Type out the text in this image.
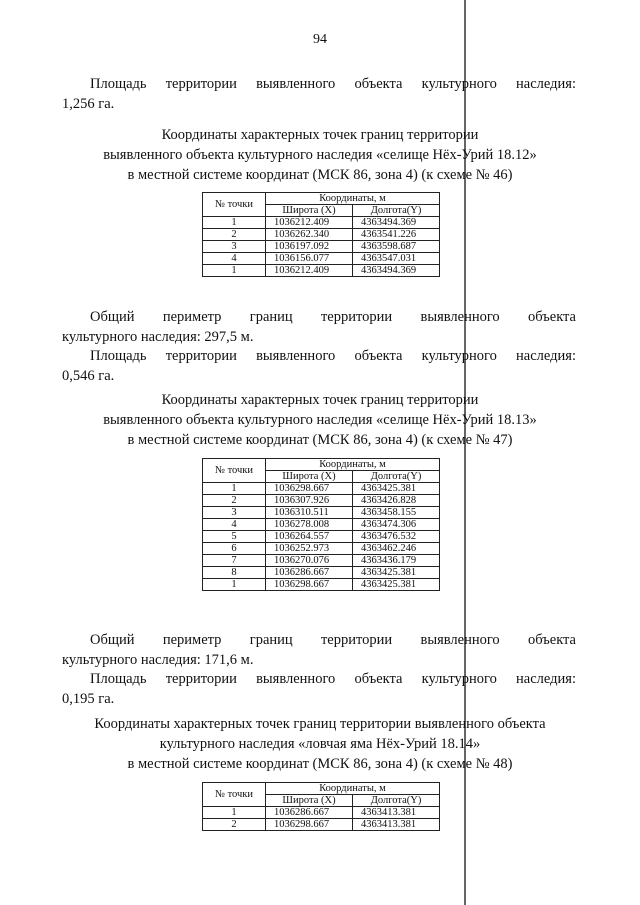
94
Площадь территории выявленного объекта культурного наследия:
1,256 га.
Координаты характерных точек границ территории
выявленного объекта культурного наследия «селище Нёх-Урий 18.12»
в местной системе координат (МСК 86, зона 4) (к схеме № 46)
№ точки	Координаты, м	
	Широта (X)	Долгота(Y)
1	1036212.409	4363494.369
2	1036262.340	4363541.226
3	1036197.092	4363598.687
4	1036156.077	4363547.031
1	1036212.409	4363494.369
Общий периметр границ территории выявленного объекта
культурного наследия: 297,5 м.
Площадь территории выявленного объекта культурного наследия:
0,546 га.
Координаты характерных точек границ территории
выявленного объекта культурного наследия «селище Нёх-Урий 18.13»
в местной системе координат (МСК 86, зона 4) (к схеме № 47)
№ точки	Координаты, м	
	Широта (X)	Долгота(Y)
1	1036298.667	4363425.381
2	1036307.926	4363426.828
3	1036310.511	4363458.155
4	1036278.008	4363474.306
5	1036264.557	4363476.532
6	1036252.973	4363462.246
7	1036270.076	4363436.179
8	1036286.667	4363425.381
1	1036298.667	4363425.381
Общий периметр границ территории выявленного объекта
культурного наследия: 171,6 м.
Площадь территории выявленного объекта культурного наследия:
0,195 га.
Координаты характерных точек границ территории выявленного объекта
культурного наследия «ловчая яма Нёх-Урий 18.14»
в местной системе координат (МСК 86, зона 4) (к схеме № 48)
№ точки	Координаты, м	
	Широта (X)	Долгота(Y)
1	1036286.667	4363413.381
2	1036298.667	4363413.381
